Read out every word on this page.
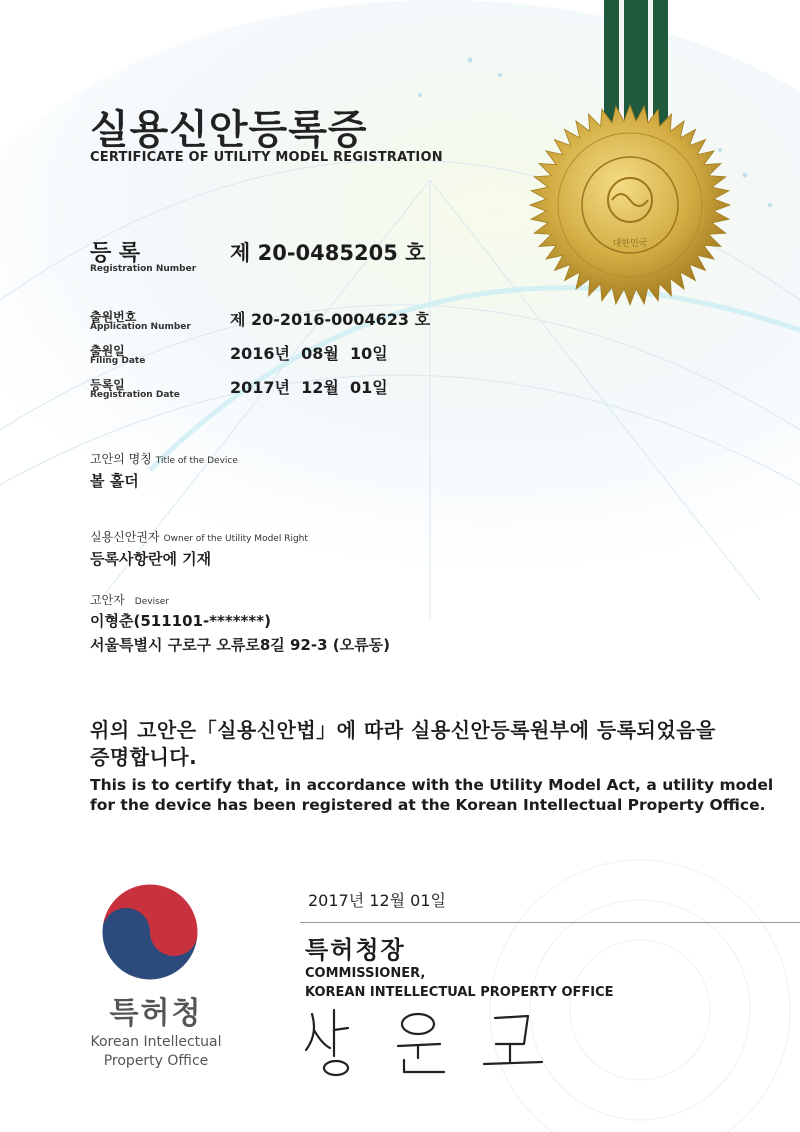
대한민국
실용신안등록증
CERTIFICATE OF UTILITY MODEL REGISTRATION
등 록
Registration Number
제 20-0485205 호
출원번호
Application Number 제 20-2016-0004623 호
출원일
Filing Date	2016년  08월  10일
등록일
Registration Date	2017년  12월  01일
고안의 명칭 Title of the Device
볼 홀더
실용신안권자 Owner of the Utility Model Right
등록사항란에 기재
고안자 Deviser
이형춘(511101-*******)
서울특별시 구로구 오류로8길 92-3 (오류동)
위의 고안은「실용신안법」에 따라 실용신안등록원부에 등록되었음을
증명합니다.
This is to certify that, in accordance with the Utility Model Act, a utility model
for the device has been registered at the Korean Intellectual Property Office.
2017년 12월 01일
특허청장
COMMISSIONER,
KOREAN INTELLECTUAL PROPERTY OFFICE
성 윤 모
특허청
Korean Intellectual
Property Office
